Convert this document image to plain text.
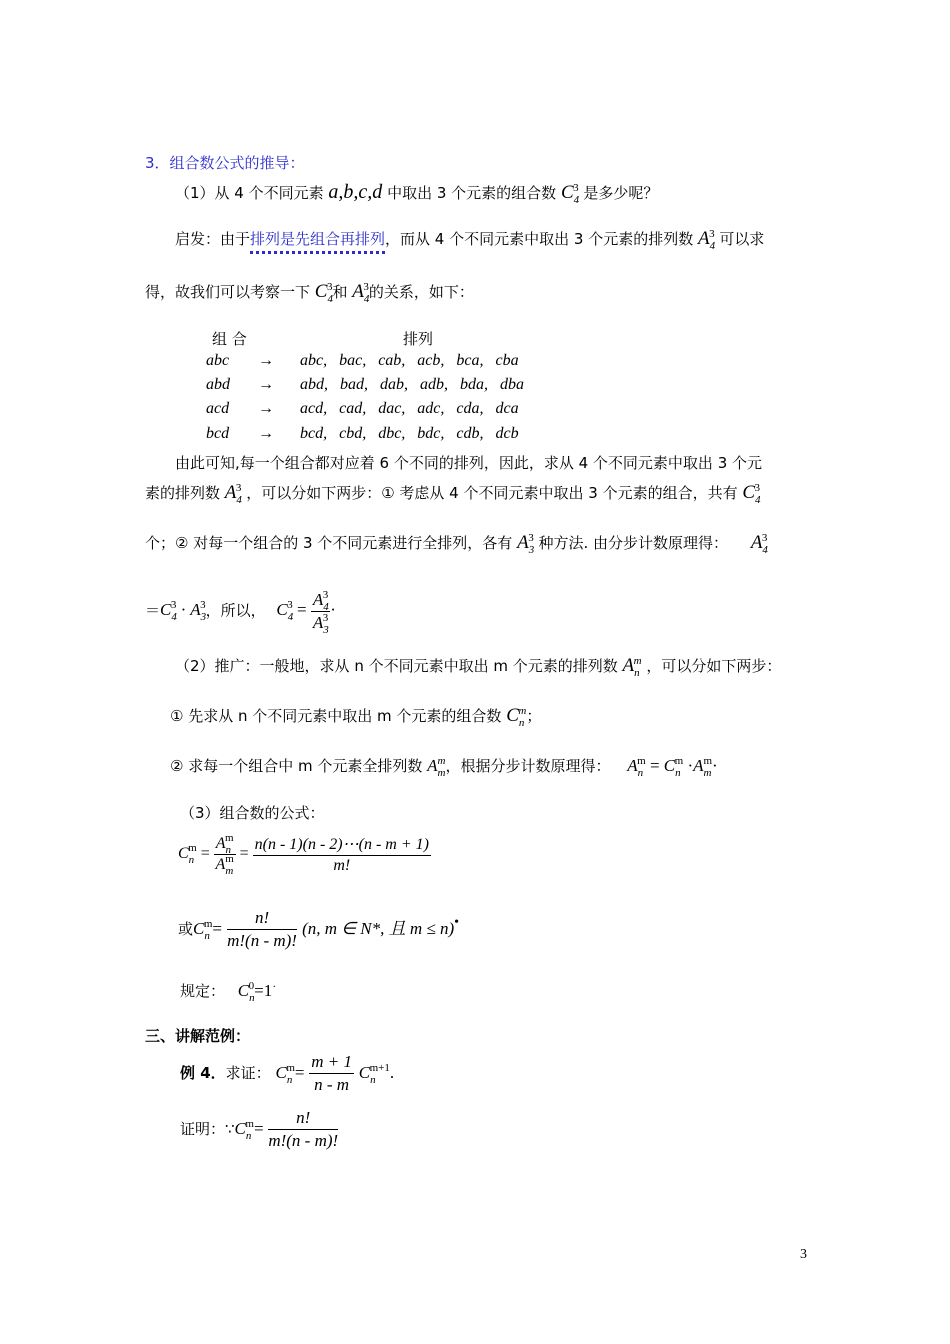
3．组合数公式的推导：
（1）从 4 个不同元素 a,b,c,d 中取出 3 个元素的组合数 $C_4^3$ 是多少呢？
启发：由于排列是先组合再排列，而从 4 个不同元素中取出 3 个元素的排列数 $A_4^3$ 可以求
得，故我们可以考察一下 $C_4^3$和 $A_4^3$的关系，如下：
组 合	排列
abc → abc,   bac,   cab,   acb,   bca,   cba
abd → abd,   bad,   dab,   adb,   bda,   dba
acd → acd,   cad,   dac,   adc,   cda,   dca
bcd → bcd,   cbd,   dbc,   bdc,   cdb,   dcb
由此可知,每一个组合都对应着 6 个不同的排列，因此，求从 4 个不同元素中取出 3 个元
素的排列数 $A_4^3$ ，可以分如下两步：① 考虑从 4 个不同元素中取出 3 个元素的组合，共有 $C_4^3$
个；② 对每一个组合的 3 个不同元素进行全排列，各有 $A_3^3$ 种方法. 由分步计数原理得： $A_4^3$
$=C_4^3 \cdot A_3^3$，所以， $C_4^3 = \frac{A_4^3}{A_3^3}$ ·
（2）推广：一般地，求从 n 个不同元素中取出 m 个元素的排列数 $A_n^m$ ，可以分如下两步：
① 先求从 n 个不同元素中取出 m 个元素的组合数 $C_n^m$；
② 求每一个组合中 m 个元素全排列数 $A_m^m$，根据分步计数原理得： $A_n^m = C_n^m \cdot A_m^m\cdot$
（3）组合数的公式：
$C_n^m = \frac{A_n^m}{A_m^m} = \frac{n(n - 1)(n - 2)\cdots(n - m + 1)}{m!}$
或$C_n^m= \frac{n!}{m!(n - m)!} (n$, m ∈ N*, 且 m ≤ n)•
规定： $C_n^0=1^\cdot$
三、讲解范例：
例 4．求证： $C_n^m= \frac{m + 1}{n - m} C_n^{m+1}$.
证明：$\because C_n^m= \frac{n!}{m!(n - m)!}$
3
